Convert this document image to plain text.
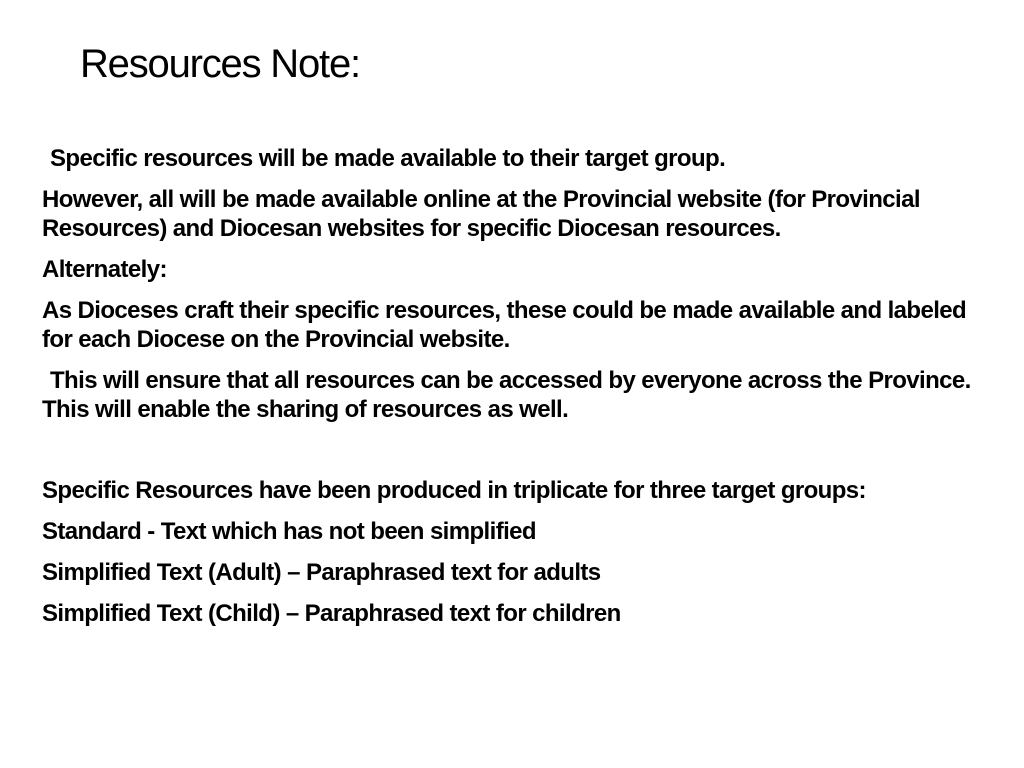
Resources Note:

Specific resources will be made available to their target group.

However, all will be made available online at the Provincial website (for Provincial Resources) and Diocesan websites for specific Diocesan resources.

Alternately:

As Dioceses craft their specific resources, these could be made available and labeled for each Diocese on the Provincial website.

This will ensure that all resources can be accessed by everyone across the Province. This will enable the sharing of resources as well.

Specific Resources have been produced in triplicate for three target groups:

Standard - Text which has not been simplified

Simplified Text (Adult) – Paraphrased text for adults

Simplified Text (Child) – Paraphrased text for children
